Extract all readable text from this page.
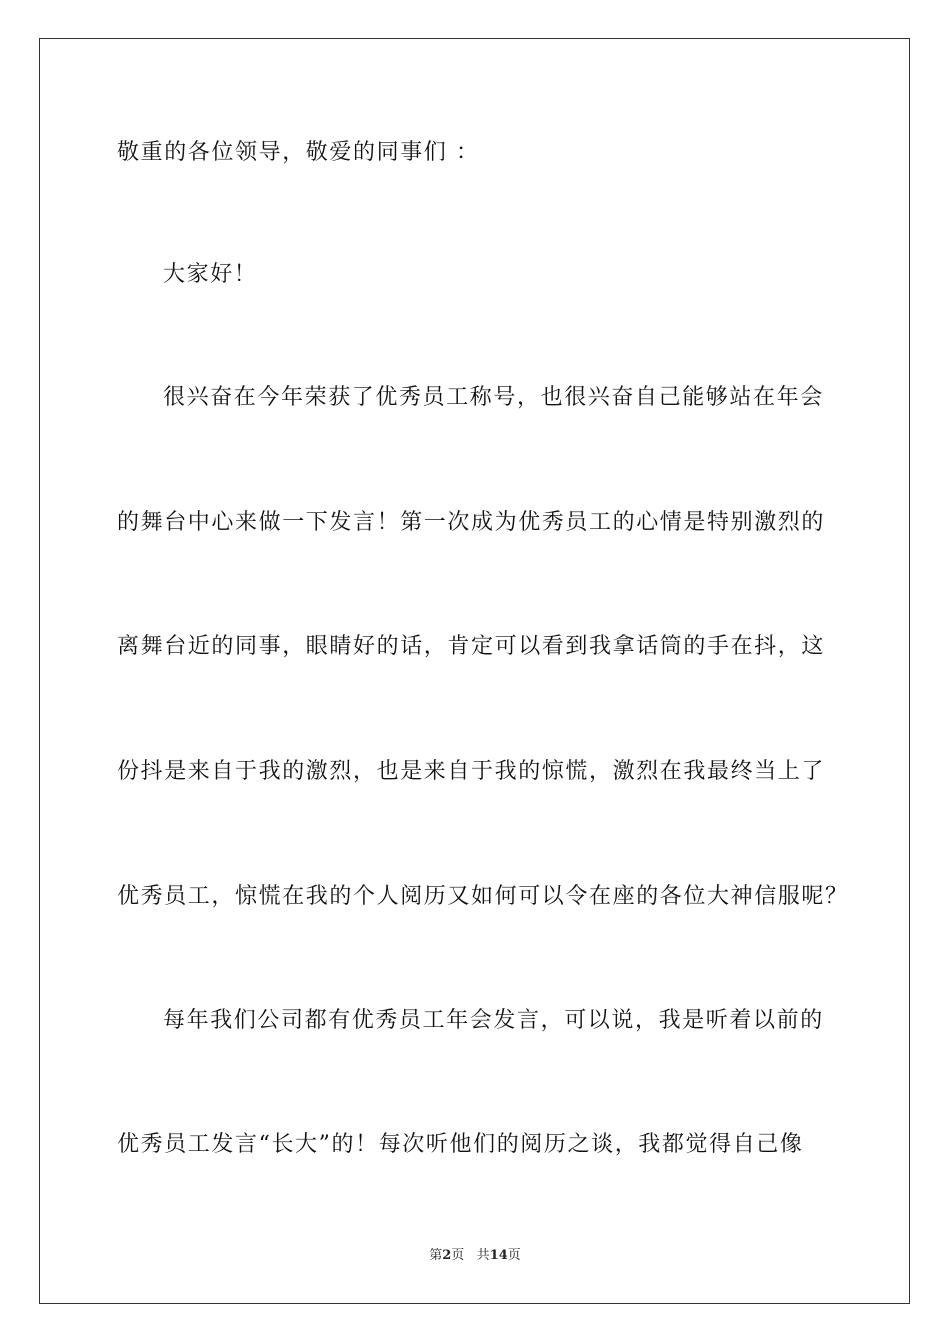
敬重的各位领导，敬爱的同事们 ：
大家好！
很兴奋在今年荣获了优秀员工称号，也很兴奋自己能够站在年会
的舞台中心来做一下发言！第一次成为优秀员工的心情是特别激烈的
离舞台近的同事，眼睛好的话，肯定可以看到我拿话筒的手在抖，这
份抖是来自于我的激烈，也是来自于我的惊慌，激烈在我最终当上了
优秀员工，惊慌在我的个人阅历又如何可以令在座的各位大神信服呢？
每年我们公司都有优秀员工年会发言，可以说，我是听着以前的
优秀员工发言“长大”的！每次听他们的阅历之谈，我都觉得自己像
第2页 共14页
